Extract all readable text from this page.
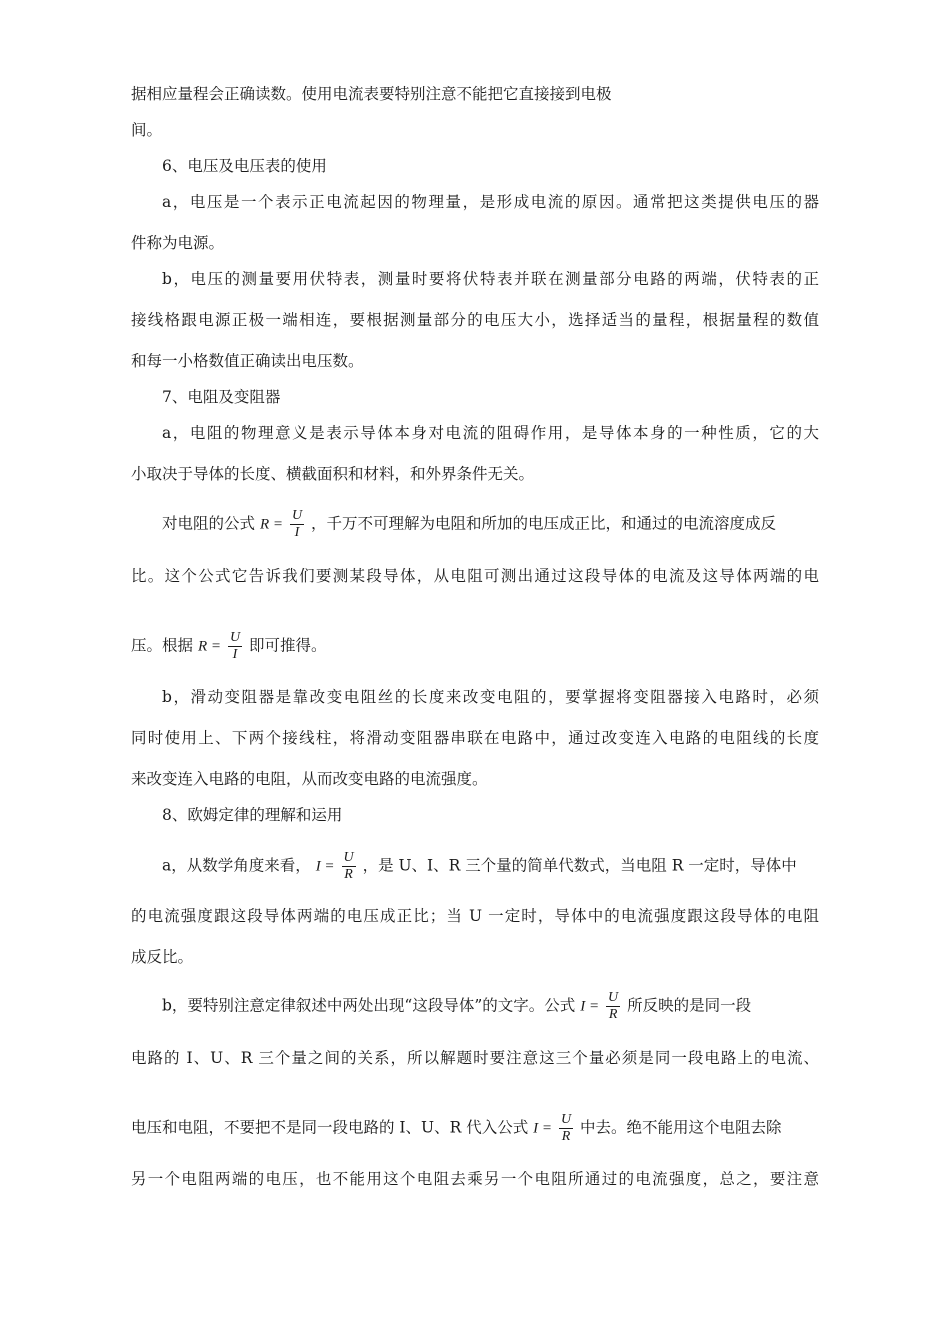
据相应量程会正确读数。使用电流表要特别注意不能把它直接接到电极
间。
6、电压及电压表的使用
a，电压是一个表示正电流起因的物理量，是形成电流的原因。通常把这类提供电压的器
件称为电源。
b，电压的测量要用伏特表，测量时要将伏特表并联在测量部分电路的两端，伏特表的正
接线格跟电源正极一端相连，要根据测量部分的电压大小，选择适当的量程，根据量程的数值
和每一小格数值正确读出电压数。
7、电阻及变阻器
a，电阻的物理意义是表示导体本身对电流的阻碍作用，是导体本身的一种性质，它的大
小取决于导体的长度、横截面积和材料，和外界条件无关。
对电阻的公式 $R = \frac{U}{I}$ ，千万不可理解为电阻和所加的电压成正比，和通过的电流溶度成反
比。这个公式它告诉我们要测某段导体，从电阻可测出通过这段导体的电流及这导体两端的电
压。根据 $R = \frac{U}{I}$ 即可推得。
b，滑动变阻器是靠改变电阻丝的长度来改变电阻的，要掌握将变阻器接入电路时，必须
同时使用上、下两个接线柱，将滑动变阻器串联在电路中，通过改变连入电路的电阻线的长度
来改变连入电路的电阻，从而改变电路的电流强度。
8、欧姆定律的理解和运用
a，从数学角度来看， $I = \frac{U}{R}$ ，是 U、I、R 三个量的简单代数式，当电阻 R 一定时，导体中
的电流强度跟这段导体两端的电压成正比；当 U 一定时，导体中的电流强度跟这段导体的电阻
成反比。
b，要特别注意定律叙述中两处出现“这段导体”的文字。公式 $I = \frac{U}{R}$ 所反映的是同一段
电路的 I、U、R 三个量之间的关系，所以解题时要注意这三个量必须是同一段电路上的电流、
电压和电阻，不要把不是同一段电路的 I、U、R 代入公式 $I = \frac{U}{R}$ 中去。绝不能用这个电阻去除
另一个电阻两端的电压，也不能用这个电阻去乘另一个电阻所通过的电流强度，总之，要注意
